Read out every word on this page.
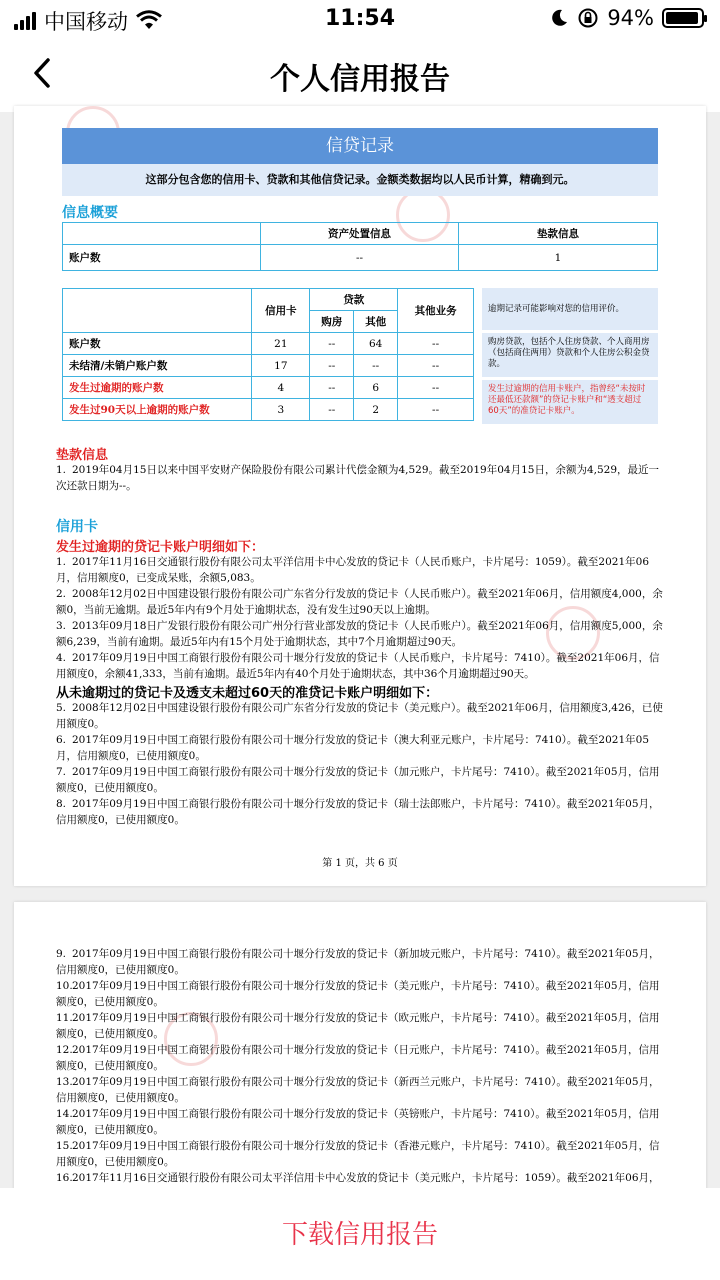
中国移动	11:54	94%
个人信用报告
信贷记录
这部分包含您的信用卡、贷款和其他信贷记录。金额类数据均以人民币计算，精确到元。
信息概要
	资产处置信息	垫款信息
账户数	--	1
	信用卡	贷款		其他业务
		购房	其他	
账户数	21	--	64	--
未结清/未销户账户数	17	--	--	--
发生过逾期的账户数	4	--	6	--
发生过90天以上逾期的账户数	3	--	2	--
逾期记录可能影响对您的信用评价。
购房贷款，包括个人住房贷款、个人商用房（包括商住两用）贷款和个人住房公积金贷款。
发生过逾期的信用卡账户，指曾经“未按时还最低还款额”的贷记卡账户和“透支超过60天”的准贷记卡账户。
垫款信息
1. 2019年04月15日以来中国平安财产保险股份有限公司累计代偿金额为4,529。截至2019年04月15日，余额为4,529，最近一次还款日期为--。
信用卡
发生过逾期的贷记卡账户明细如下：
1. 2017年11月16日交通银行股份有限公司太平洋信用卡中心发放的贷记卡（人民币账户，卡片尾号：1059）。截至2021年06月，信用额度0，已变成呆账，余额5,083。
2. 2008年12月02日中国建设银行股份有限公司广东省分行发放的贷记卡（人民币账户）。截至2021年06月，信用额度4,000，余额0，当前无逾期。最近5年内有9个月处于逾期状态，没有发生过90天以上逾期。
3. 2013年09月18日广发银行股份有限公司广州分行营业部发放的贷记卡（人民币账户）。截至2021年06月，信用额度5,000，余额6,239，当前有逾期。最近5年内有15个月处于逾期状态，其中7个月逾期超过90天。
4. 2017年09月19日中国工商银行股份有限公司十堰分行发放的贷记卡（人民币账户，卡片尾号：7410）。截至2021年06月，信用额度0，余额41,333，当前有逾期。最近5年内有40个月处于逾期状态，其中36个月逾期超过90天。
从未逾期过的贷记卡及透支未超过60天的准贷记卡账户明细如下：
5. 2008年12月02日中国建设银行股份有限公司广东省分行发放的贷记卡（美元账户）。截至2021年06月，信用额度3,426，已使用额度0。
6. 2017年09月19日中国工商银行股份有限公司十堰分行发放的贷记卡（澳大利亚元账户，卡片尾号：7410）。截至2021年05月，信用额度0，已使用额度0。
7. 2017年09月19日中国工商银行股份有限公司十堰分行发放的贷记卡（加元账户，卡片尾号：7410）。截至2021年05月，信用额度0，已使用额度0。
8. 2017年09月19日中国工商银行股份有限公司十堰分行发放的贷记卡（瑞士法郎账户，卡片尾号：7410）。截至2021年05月，信用额度0，已使用额度0。
第 1 页，共 6 页
9. 2017年09月19日中国工商银行股份有限公司十堰分行发放的贷记卡（新加坡元账户，卡片尾号：7410）。截至2021年05月，信用额度0，已使用额度0。
10.2017年09月19日中国工商银行股份有限公司十堰分行发放的贷记卡（美元账户，卡片尾号：7410）。截至2021年05月，信用额度0，已使用额度0。
11.2017年09月19日中国工商银行股份有限公司十堰分行发放的贷记卡（欧元账户，卡片尾号：7410）。截至2021年05月，信用额度0，已使用额度0。
12.2017年09月19日中国工商银行股份有限公司十堰分行发放的贷记卡（日元账户，卡片尾号：7410）。截至2021年05月，信用额度0，已使用额度0。
13.2017年09月19日中国工商银行股份有限公司十堰分行发放的贷记卡（新西兰元账户，卡片尾号：7410）。截至2021年05月，信用额度0，已使用额度0。
14.2017年09月19日中国工商银行股份有限公司十堰分行发放的贷记卡（英镑账户，卡片尾号：7410）。截至2021年05月，信用额度0，已使用额度0。
15.2017年09月19日中国工商银行股份有限公司十堰分行发放的贷记卡（香港元账户，卡片尾号：7410）。截至2021年05月，信用额度0，已使用额度0。
16.2017年11月16日交通银行股份有限公司太平洋信用卡中心发放的贷记卡（美元账户，卡片尾号：1059）。截至2021年06月，
下载信用报告
